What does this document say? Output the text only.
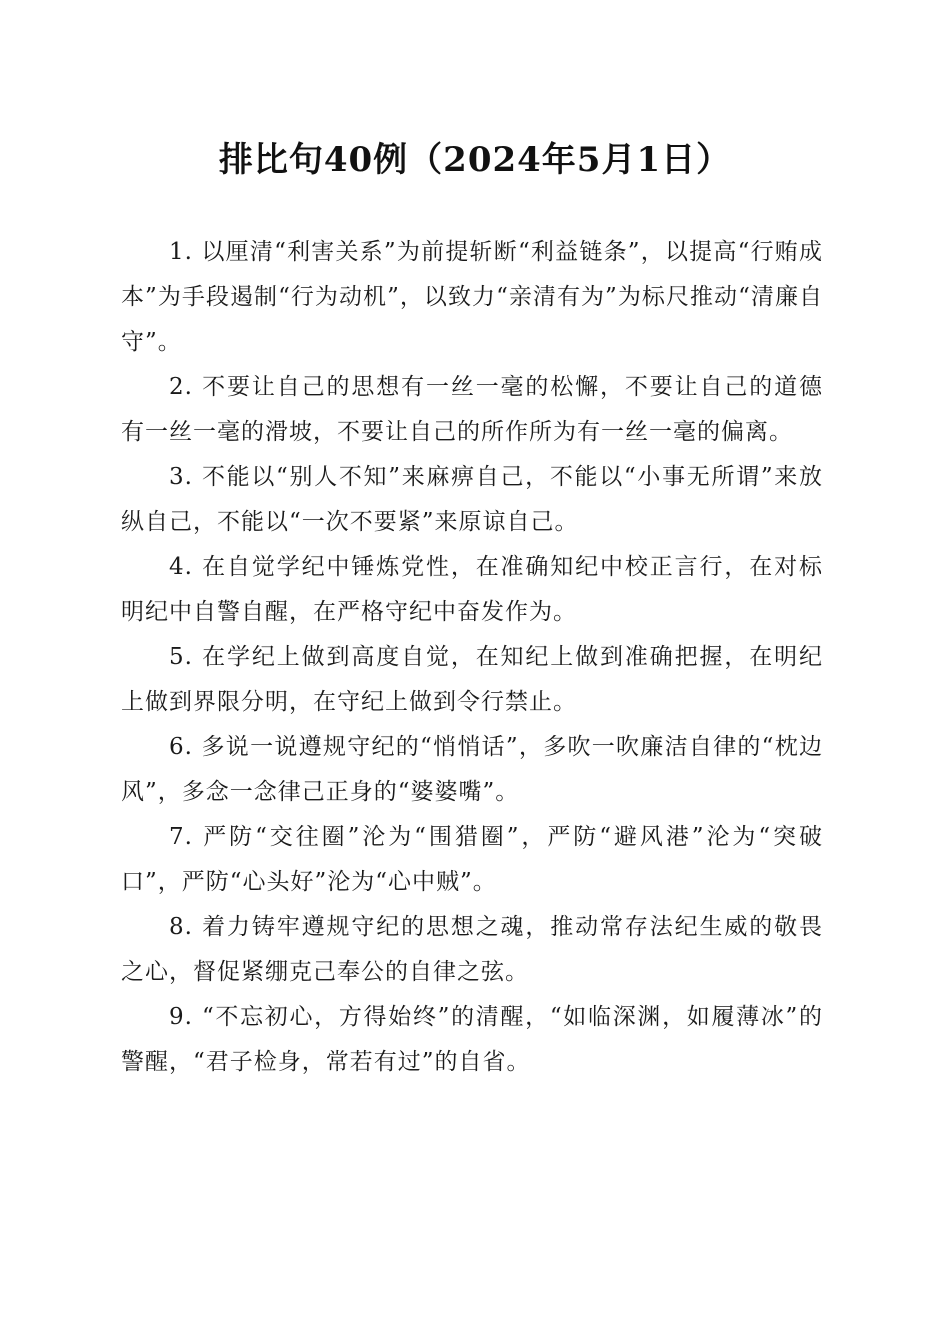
排比句40例（2024年5月1日）

1. 以厘清“利害关系”为前提斩断“利益链条”，以提高“行贿成本”为手段遏制“行为动机”，以致力“亲清有为”为标尺推动“清廉自守”。

2. 不要让自己的思想有一丝一毫的松懈，不要让自己的道德有一丝一毫的滑坡，不要让自己的所作所为有一丝一毫的偏离。

3. 不能以“别人不知”来麻痹自己，不能以“小事无所谓”来放纵自己，不能以“一次不要紧”来原谅自己。

4. 在自觉学纪中锤炼党性，在准确知纪中校正言行，在对标明纪中自警自醒，在严格守纪中奋发作为。

5. 在学纪上做到高度自觉，在知纪上做到准确把握，在明纪上做到界限分明，在守纪上做到令行禁止。

6. 多说一说遵规守纪的“悄悄话”，多吹一吹廉洁自律的“枕边风”，多念一念律己正身的“婆婆嘴”。

7. 严防“交往圈”沦为“围猎圈”，严防“避风港”沦为“突破口”，严防“心头好”沦为“心中贼”。

8. 着力铸牢遵规守纪的思想之魂，推动常存法纪生威的敬畏之心，督促紧绷克己奉公的自律之弦。

9. “不忘初心，方得始终”的清醒，“如临深渊，如履薄冰”的警醒，“君子检身，常若有过”的自省。
